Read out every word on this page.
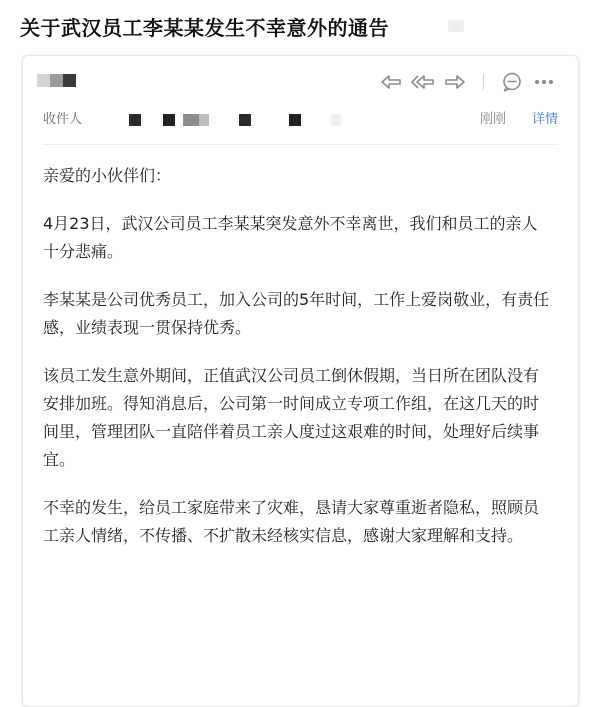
关于武汉员工李某某发生不幸意外的通告
收件人	刚刚 详情

亲爱的小伙伴们：

4月23日，武汉公司员工李某某突发意外不幸离世，我们和员工的亲人十分悲痛。

李某某是公司优秀员工，加入公司的5年时间，工作上爱岗敬业，有责任感，业绩表现一贯保持优秀。

该员工发生意外期间，正值武汉公司员工倒休假期，当日所在团队没有安排加班。得知消息后，公司第一时间成立专项工作组，在这几天的时间里，管理团队一直陪伴着员工亲人度过这艰难的时间，处理好后续事宜。

不幸的发生，给员工家庭带来了灾难，恳请大家尊重逝者隐私，照顾员工亲人情绪，不传播、不扩散未经核实信息，感谢大家理解和支持。
